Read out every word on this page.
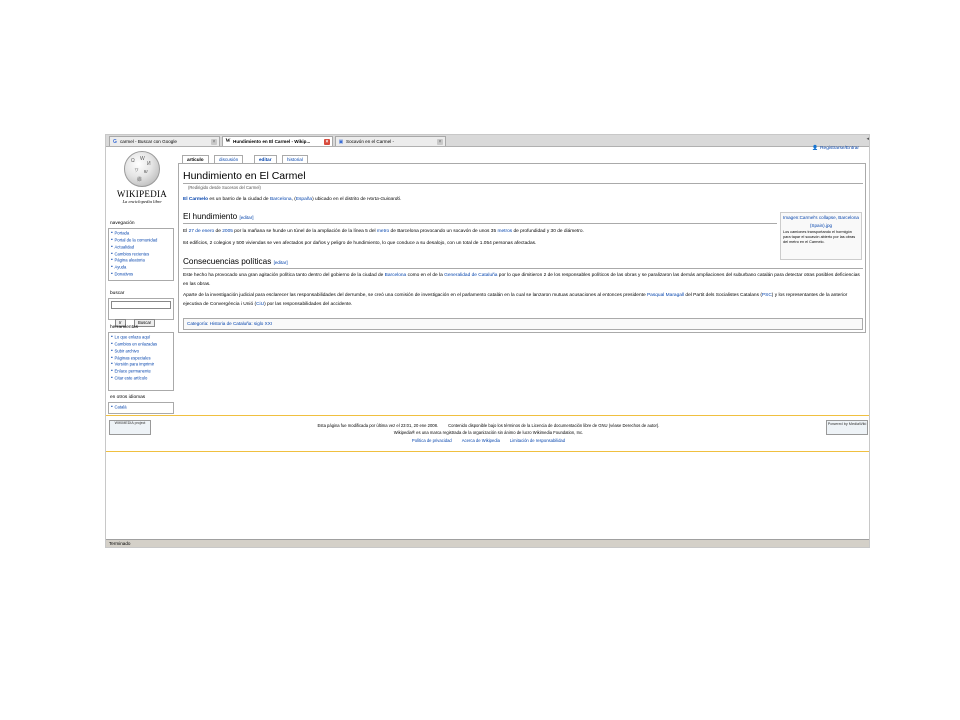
G carmel - Buscar con Google	×	W Hundimiento en El Carmel - Wikip...	×	▣ Socavón en el Carmel -	×	◂
Ω W
И
ワ ש
維
WIKIPEDIA
La enciclopedia libre
navegación
■ Portada
■ Portal de la comunidad
■ Actualidad
■ Cambios recientes
■ Página aleatoria
■ Ayuda
■ Donativos
buscar
Ir	Buscar
herramientas
■ Lo que enlaza aquí
■ Cambios en enlazadas
■ Subir archivo
■ Páginas especiales
■ Versión para imprimir
■ Enlace permanente
■ Citar este artículo
en otros idiomas
■ Català
👤 Registrarse/Entrar
artículo	discusión	editar	historial
Hundimiento en El Carmel
(Redirigido desde Sucesos del Carmel)
El Carmelo es un barrio de la ciudad de Barcelona, (España) ubicado en el distrito de Horta-Guinardó.
El hundimiento [editar]
El 27 de enero de 2005 por la mañana se hunde un túnel de la ampliación de la línea 5 del metro de Barcelona provocando un socavón de unos 35 metros de profundidad y 30 de diámetro.
84 edificios, 2 colegios y 500 viviendas se ven afectados por daños y peligro de hundimiento, lo que conduce a su desalojo, con un total de 1.054 personas afectadas.
Imagen:Carmel's collapse, Barcelona (Spain).jpg
Los camiones transportando el hormigón para tapar el socavón abierto por las obras del metro en el Carmelo.
Consecuencias políticas [editar]
Este hecho ha provocado una gran agitación política tanto dentro del gobierno de la ciudad de Barcelona como en el de la Generalidad de Cataluña por lo que dimitieron 2 de los responsables políticos de las obras y se paralizaron las demás ampliaciones del suburbano catalán para detectar otras posibles deficiencias en las obras.
Aparte de la investigación judicial para esclarecer las responsabilidades del derrumbe, se creó una comisión de investigación en el parlamento catalán en la cual se lanzaron mutuas acusaciones al entonces presidente Pasqual Maragall del Partit dels Socialistes Catalans (PSC) y los representantes de la anterior ejecutiva de Convergència i Unió (CiU) por las responsabilidades del accidente.
Categoría: Historia de Cataluña: siglo XXI
WIKIMEDIA project	Esta página fue modificada por última vez el 23:01, 20 ene 2008. Contenido disponible bajo los términos de la Licencia de documentación libre de GNU (véase Derechos de autor).
Wikipedia® es una marca registrada de la organización sin ánimo de lucro Wikimedia Foundation, Inc.
Política de privacidad Acerca de Wikipedia Limitación de responsabilidad
Powered by MediaWiki
Terminado
